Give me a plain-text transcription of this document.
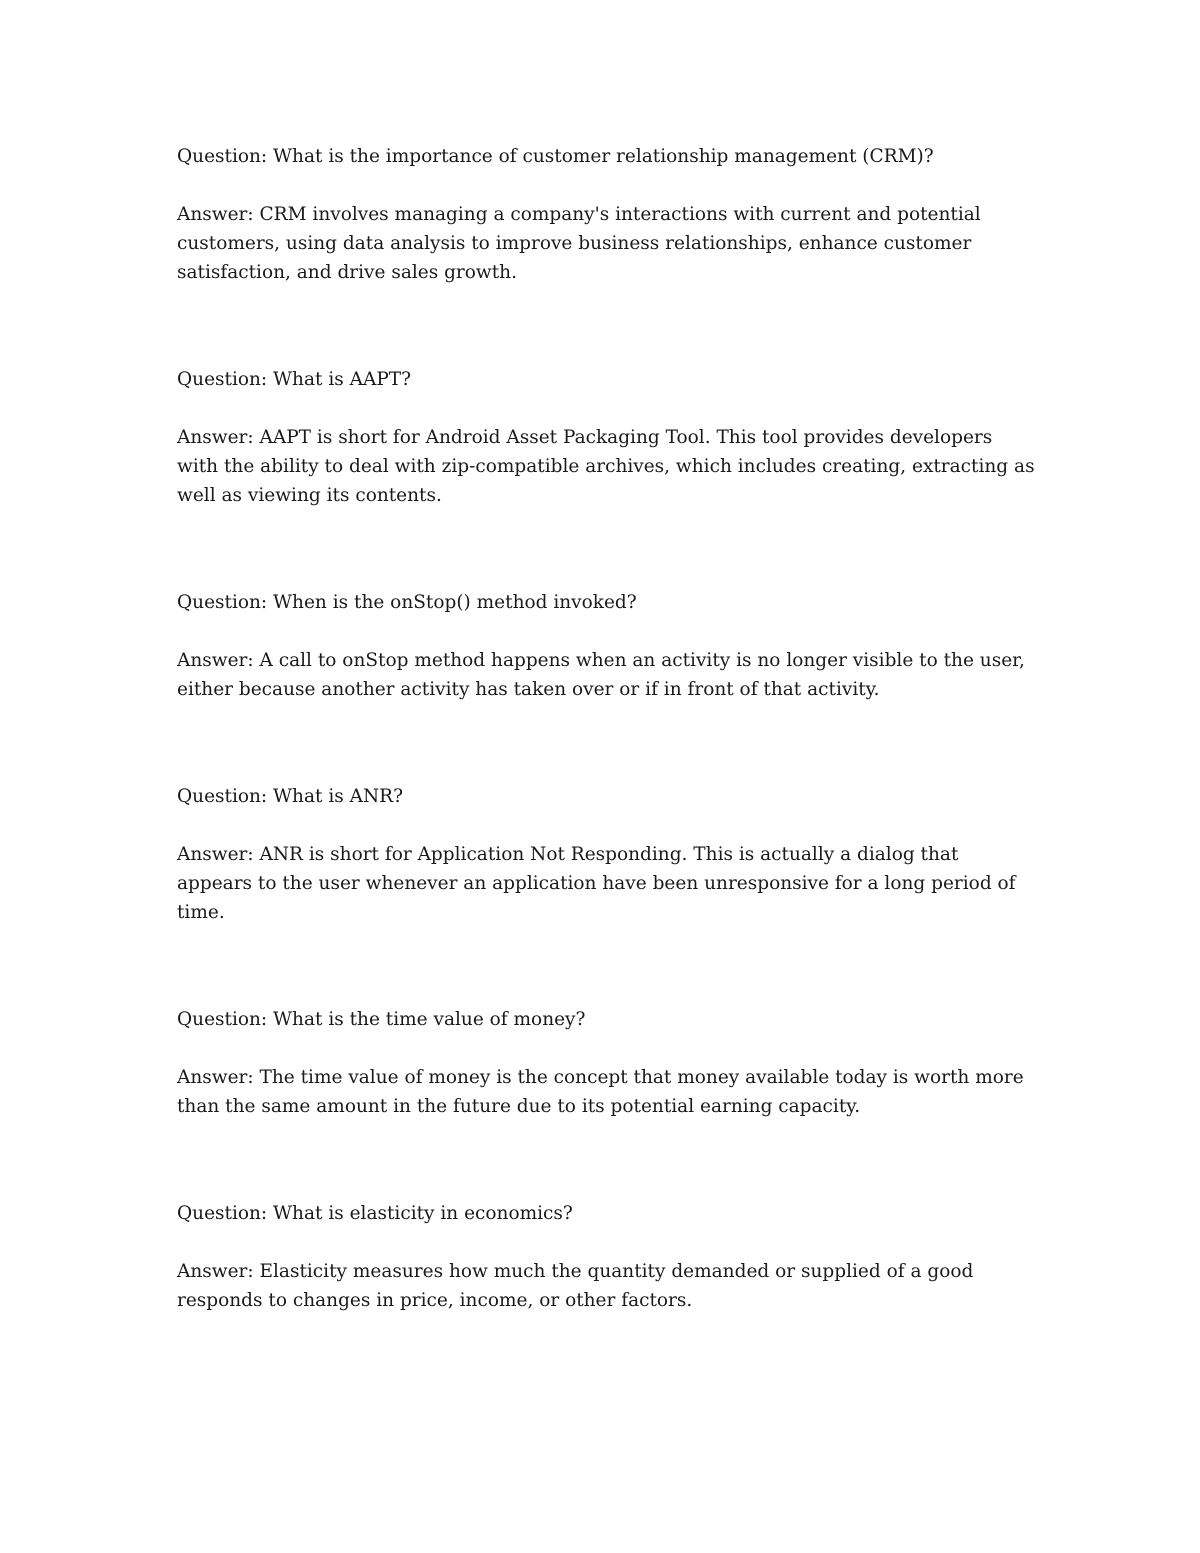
Question: What is the importance of customer relationship management (CRM)?

Answer: CRM involves managing a company's interactions with current and potential customers, using data analysis to improve business relationships, enhance customer satisfaction, and drive sales growth.

Question: What is AAPT?

Answer: AAPT is short for Android Asset Packaging Tool. This tool provides developers with the ability to deal with zip-compatible archives, which includes creating, extracting as well as viewing its contents.

Question: When is the onStop() method invoked?

Answer: A call to onStop method happens when an activity is no longer visible to the user, either because another activity has taken over or if in front of that activity.

Question: What is ANR?

Answer: ANR is short for Application Not Responding. This is actually a dialog that appears to the user whenever an application have been unresponsive for a long period of time.

Question: What is the time value of money?

Answer: The time value of money is the concept that money available today is worth more than the same amount in the future due to its potential earning capacity.

Question: What is elasticity in economics?

Answer: Elasticity measures how much the quantity demanded or supplied of a good responds to changes in price, income, or other factors.
